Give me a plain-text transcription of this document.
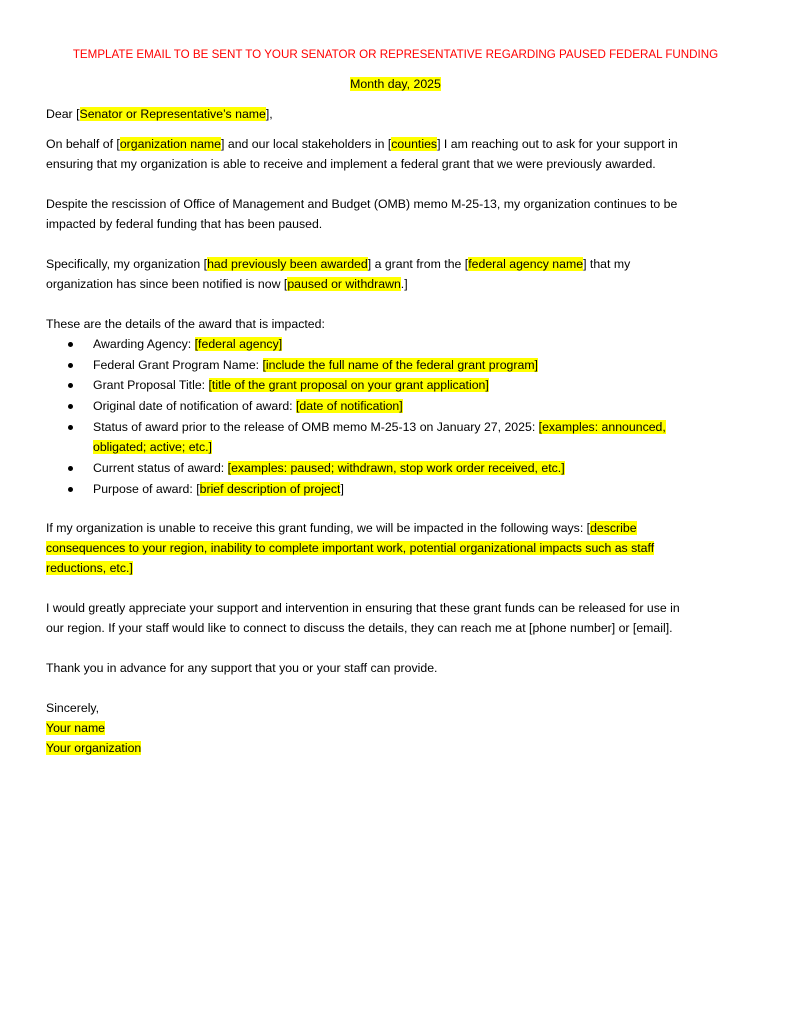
TEMPLATE EMAIL TO BE SENT TO YOUR SENATOR OR REPRESENTATIVE REGARDING PAUSED FEDERAL FUNDING
Month day, 2025
Dear [Senator or Representative’s name],
On behalf of [organization name] and our local stakeholders in [counties] I am reaching out to ask for your support in
ensuring that my organization is able to receive and implement a federal grant that we were previously awarded.
Despite the rescission of Office of Management and Budget (OMB) memo M-25-13, my organization continues to be
impacted by federal funding that has been paused.
Specifically, my organization [had previously been awarded] a grant from the [federal agency name] that my
organization has since been notified is now [paused or withdrawn.]
These are the details of the award that is impacted:
Awarding Agency: [federal agency]
Federal Grant Program Name: [include the full name of the federal grant program]
Grant Proposal Title: [title of the grant proposal on your grant application]
Original date of notification of award: [date of notification]
Status of award prior to the release of OMB memo M-25-13 on January 27, 2025: [examples: announced,
obligated; active; etc.]
Current status of award: [examples: paused; withdrawn, stop work order received, etc.]
Purpose of award: [brief description of project]
If my organization is unable to receive this grant funding, we will be impacted in the following ways: [describe
consequences to your region, inability to complete important work, potential organizational impacts such as staff
reductions, etc.]
I would greatly appreciate your support and intervention in ensuring that these grant funds can be released for use in
our region. If your staff would like to connect to discuss the details, they can reach me at [phone number] or [email].
Thank you in advance for any support that you or your staff can provide.
Sincerely,
Your name
Your organization
